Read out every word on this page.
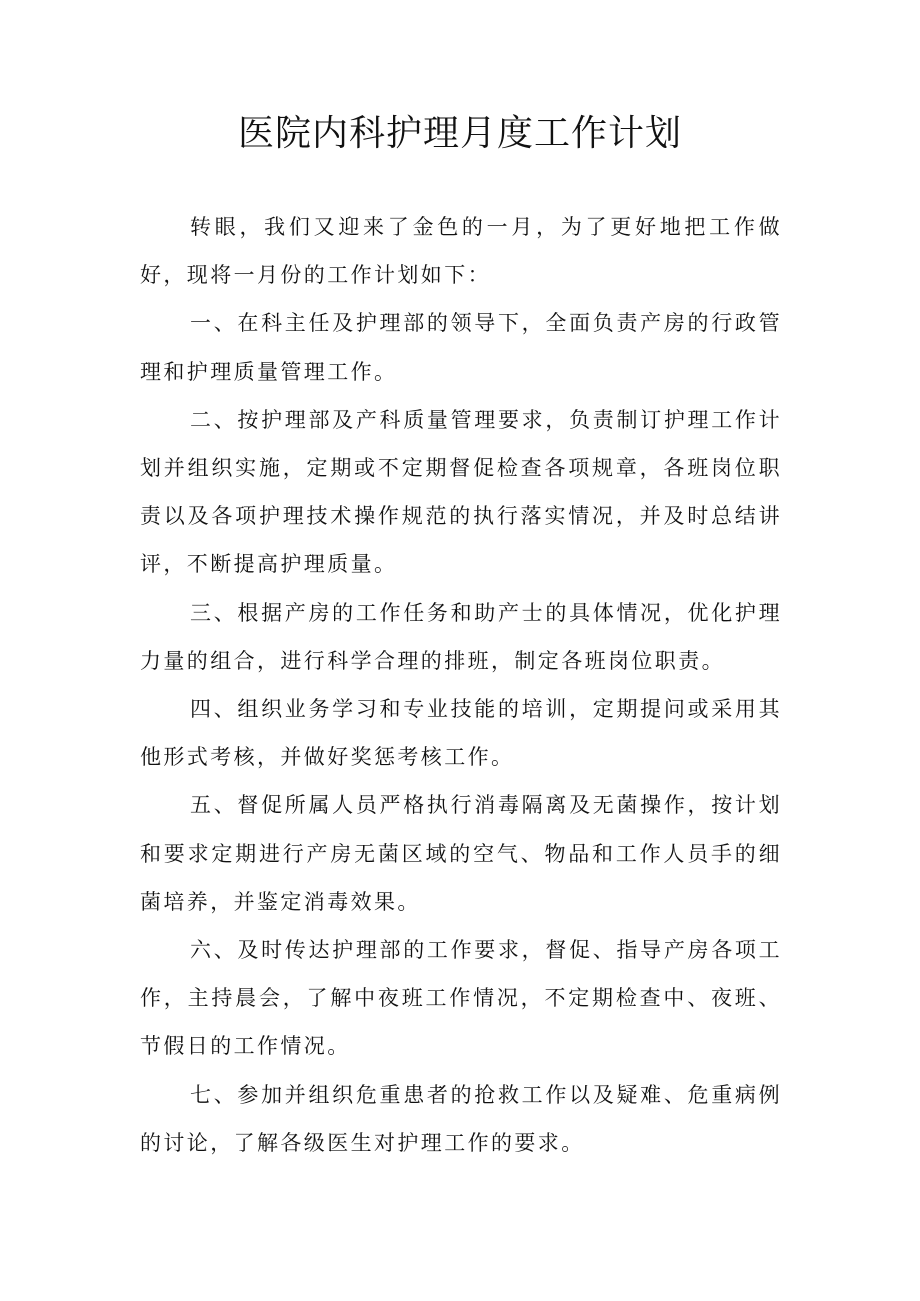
医院内科护理月度工作计划

转眼，我们又迎来了金色的一月，为了更好地把工作做好，现将一月份的工作计划如下：

一、在科主任及护理部的领导下，全面负责产房的行政管理和护理质量管理工作。

二、按护理部及产科质量管理要求，负责制订护理工作计划并组织实施，定期或不定期督促检查各项规章，各班岗位职责以及各项护理技术操作规范的执行落实情况，并及时总结讲评，不断提高护理质量。

三、根据产房的工作任务和助产士的具体情况，优化护理力量的组合，进行科学合理的排班，制定各班岗位职责。

四、组织业务学习和专业技能的培训，定期提问或采用其他形式考核，并做好奖惩考核工作。

五、督促所属人员严格执行消毒隔离及无菌操作，按计划和要求定期进行产房无菌区域的空气、物品和工作人员手的细菌培养，并鉴定消毒效果。

六、及时传达护理部的工作要求，督促、指导产房各项工作，主持晨会，了解中夜班工作情况，不定期检查中、夜班、节假日的工作情况。

七、参加并组织危重患者的抢救工作以及疑难、危重病例的讨论，了解各级医生对护理工作的要求。
